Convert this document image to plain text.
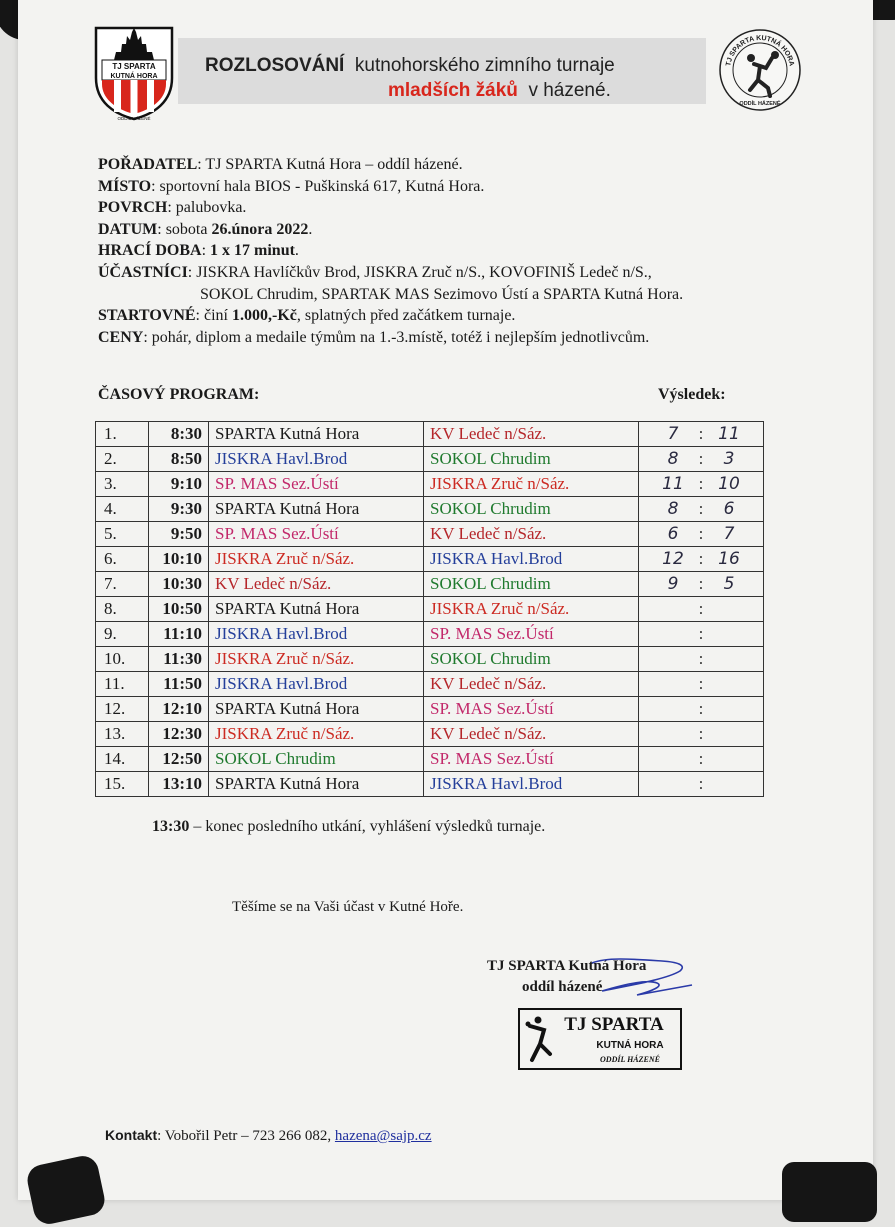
TJ SPARTA
KUTNÁ HORA
ODDÍL HÁZENÉ
ROZLOSOVÁNÍ kutnohorského zimního turnaje
mladších žáků v házené.
TJ SPARTA KUTNÁ HORA
ODDÍL HÁZENÉ
POŘADATEL: TJ SPARTA Kutná Hora – oddíl házené.
MÍSTO: sportovní hala BIOS - Puškinská 617, Kutná Hora.
POVRCH: palubovka.
DATUM: sobota 26.února 2022.
HRACÍ DOBA: 1 x 17 minut.
ÚČASTNÍCI: JISKRA Havlíčkův Brod, JISKRA Zruč n/S., KOVOFINIŠ Ledeč n/S.,
SOKOL Chrudim, SPARTAK MAS Sezimovo Ústí a SPARTA Kutná Hora.
STARTOVNÉ: činí 1.000,-Kč, splatných před začátkem turnaje.
CENY: pohár, diplom a medaile týmům na 1.-3.místě, totéž i nejlepším jednotlivcům.
ČASOVÝ PROGRAM:	Výsledek:
1.	8:30	SPARTA Kutná Hora	KV Ledeč n/Sáz.	7 : 11
2.	8:50	JISKRA Havl.Brod	SOKOL Chrudim	8 : 3
3.	9:10	SP. MAS Sez.Ústí	JISKRA Zruč n/Sáz.	11 : 10
4.	9:30	SPARTA Kutná Hora	SOKOL Chrudim	8 : 6
5.	9:50	SP. MAS Sez.Ústí	KV Ledeč n/Sáz.	6 : 7
6.	10:10	JISKRA Zruč n/Sáz.	JISKRA Havl.Brod	12 : 16
7.	10:30	KV Ledeč n/Sáz.	SOKOL Chrudim	9 : 5
8.	10:50	SPARTA Kutná Hora	JISKRA Zruč n/Sáz.	:
9.	11:10	JISKRA Havl.Brod	SP. MAS Sez.Ústí	:
10.	11:30	JISKRA Zruč n/Sáz.	SOKOL Chrudim	:
11.	11:50	JISKRA Havl.Brod	KV Ledeč n/Sáz.	:
12.	12:10	SPARTA Kutná Hora	SP. MAS Sez.Ústí	:
13.	12:30	JISKRA Zruč n/Sáz.	KV Ledeč n/Sáz.	:
14.	12:50	SOKOL Chrudim	SP. MAS Sez.Ústí	:
15.	13:10	SPARTA Kutná Hora	JISKRA Havl.Brod	:
13:30 – konec posledního utkání, vyhlášení výsledků turnaje.
Těšíme se na Vaši účast v Kutné Hoře.
TJ SPARTA Kutná Hora
oddíl házené
TJ SPARTA
KUTNÁ HORA
ODDÍL HÁZENÉ
Kontakt: Vobořil Petr – 723 266 082, hazena@sajp.cz
